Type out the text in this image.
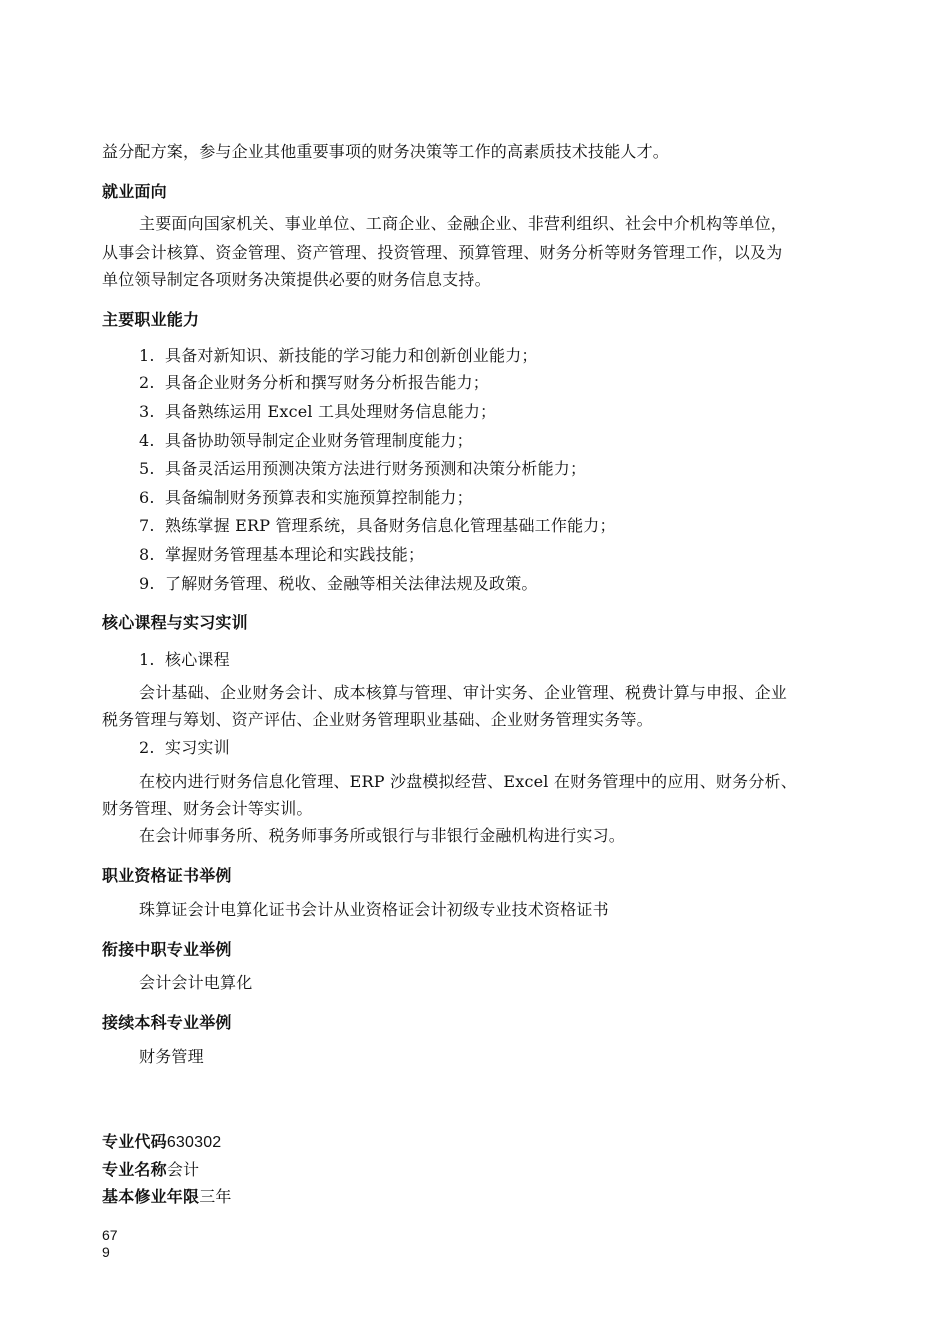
益分配方案，参与企业其他重要事项的财务决策等工作的高素质技术技能人才。
就业面向
主要面向国家机关、事业单位、工商企业、金融企业、非营利组织、社会中介机构等单位，
从事会计核算、资金管理、资产管理、投资管理、预算管理、财务分析等财务管理工作，以及为
单位领导制定各项财务决策提供必要的财务信息支持。
主要职业能力
1. 具备对新知识、新技能的学习能力和创新创业能力；
2. 具备企业财务分析和撰写财务分析报告能力；
3. 具备熟练运用 Excel 工具处理财务信息能力；
4. 具备协助领导制定企业财务管理制度能力；
5. 具备灵活运用预测决策方法进行财务预测和决策分析能力；
6. 具备编制财务预算表和实施预算控制能力；
7. 熟练掌握 ERP 管理系统，具备财务信息化管理基础工作能力；
8. 掌握财务管理基本理论和实践技能；
9. 了解财务管理、税收、金融等相关法律法规及政策。
核心课程与实习实训
1. 核心课程
会计基础、企业财务会计、成本核算与管理、审计实务、企业管理、税费计算与申报、企业
税务管理与筹划、资产评估、企业财务管理职业基础、企业财务管理实务等。
2. 实习实训
在校内进行财务信息化管理、ERP 沙盘模拟经营、Excel 在财务管理中的应用、财务分析、
财务管理、财务会计等实训。
在会计师事务所、税务师事务所或银行与非银行金融机构进行实习。
职业资格证书举例
珠算证会计电算化证书会计从业资格证会计初级专业技术资格证书
衔接中职专业举例
会计会计电算化
接续本科专业举例
财务管理
专业代码630302
专业名称会计
基本修业年限三年
67
9
